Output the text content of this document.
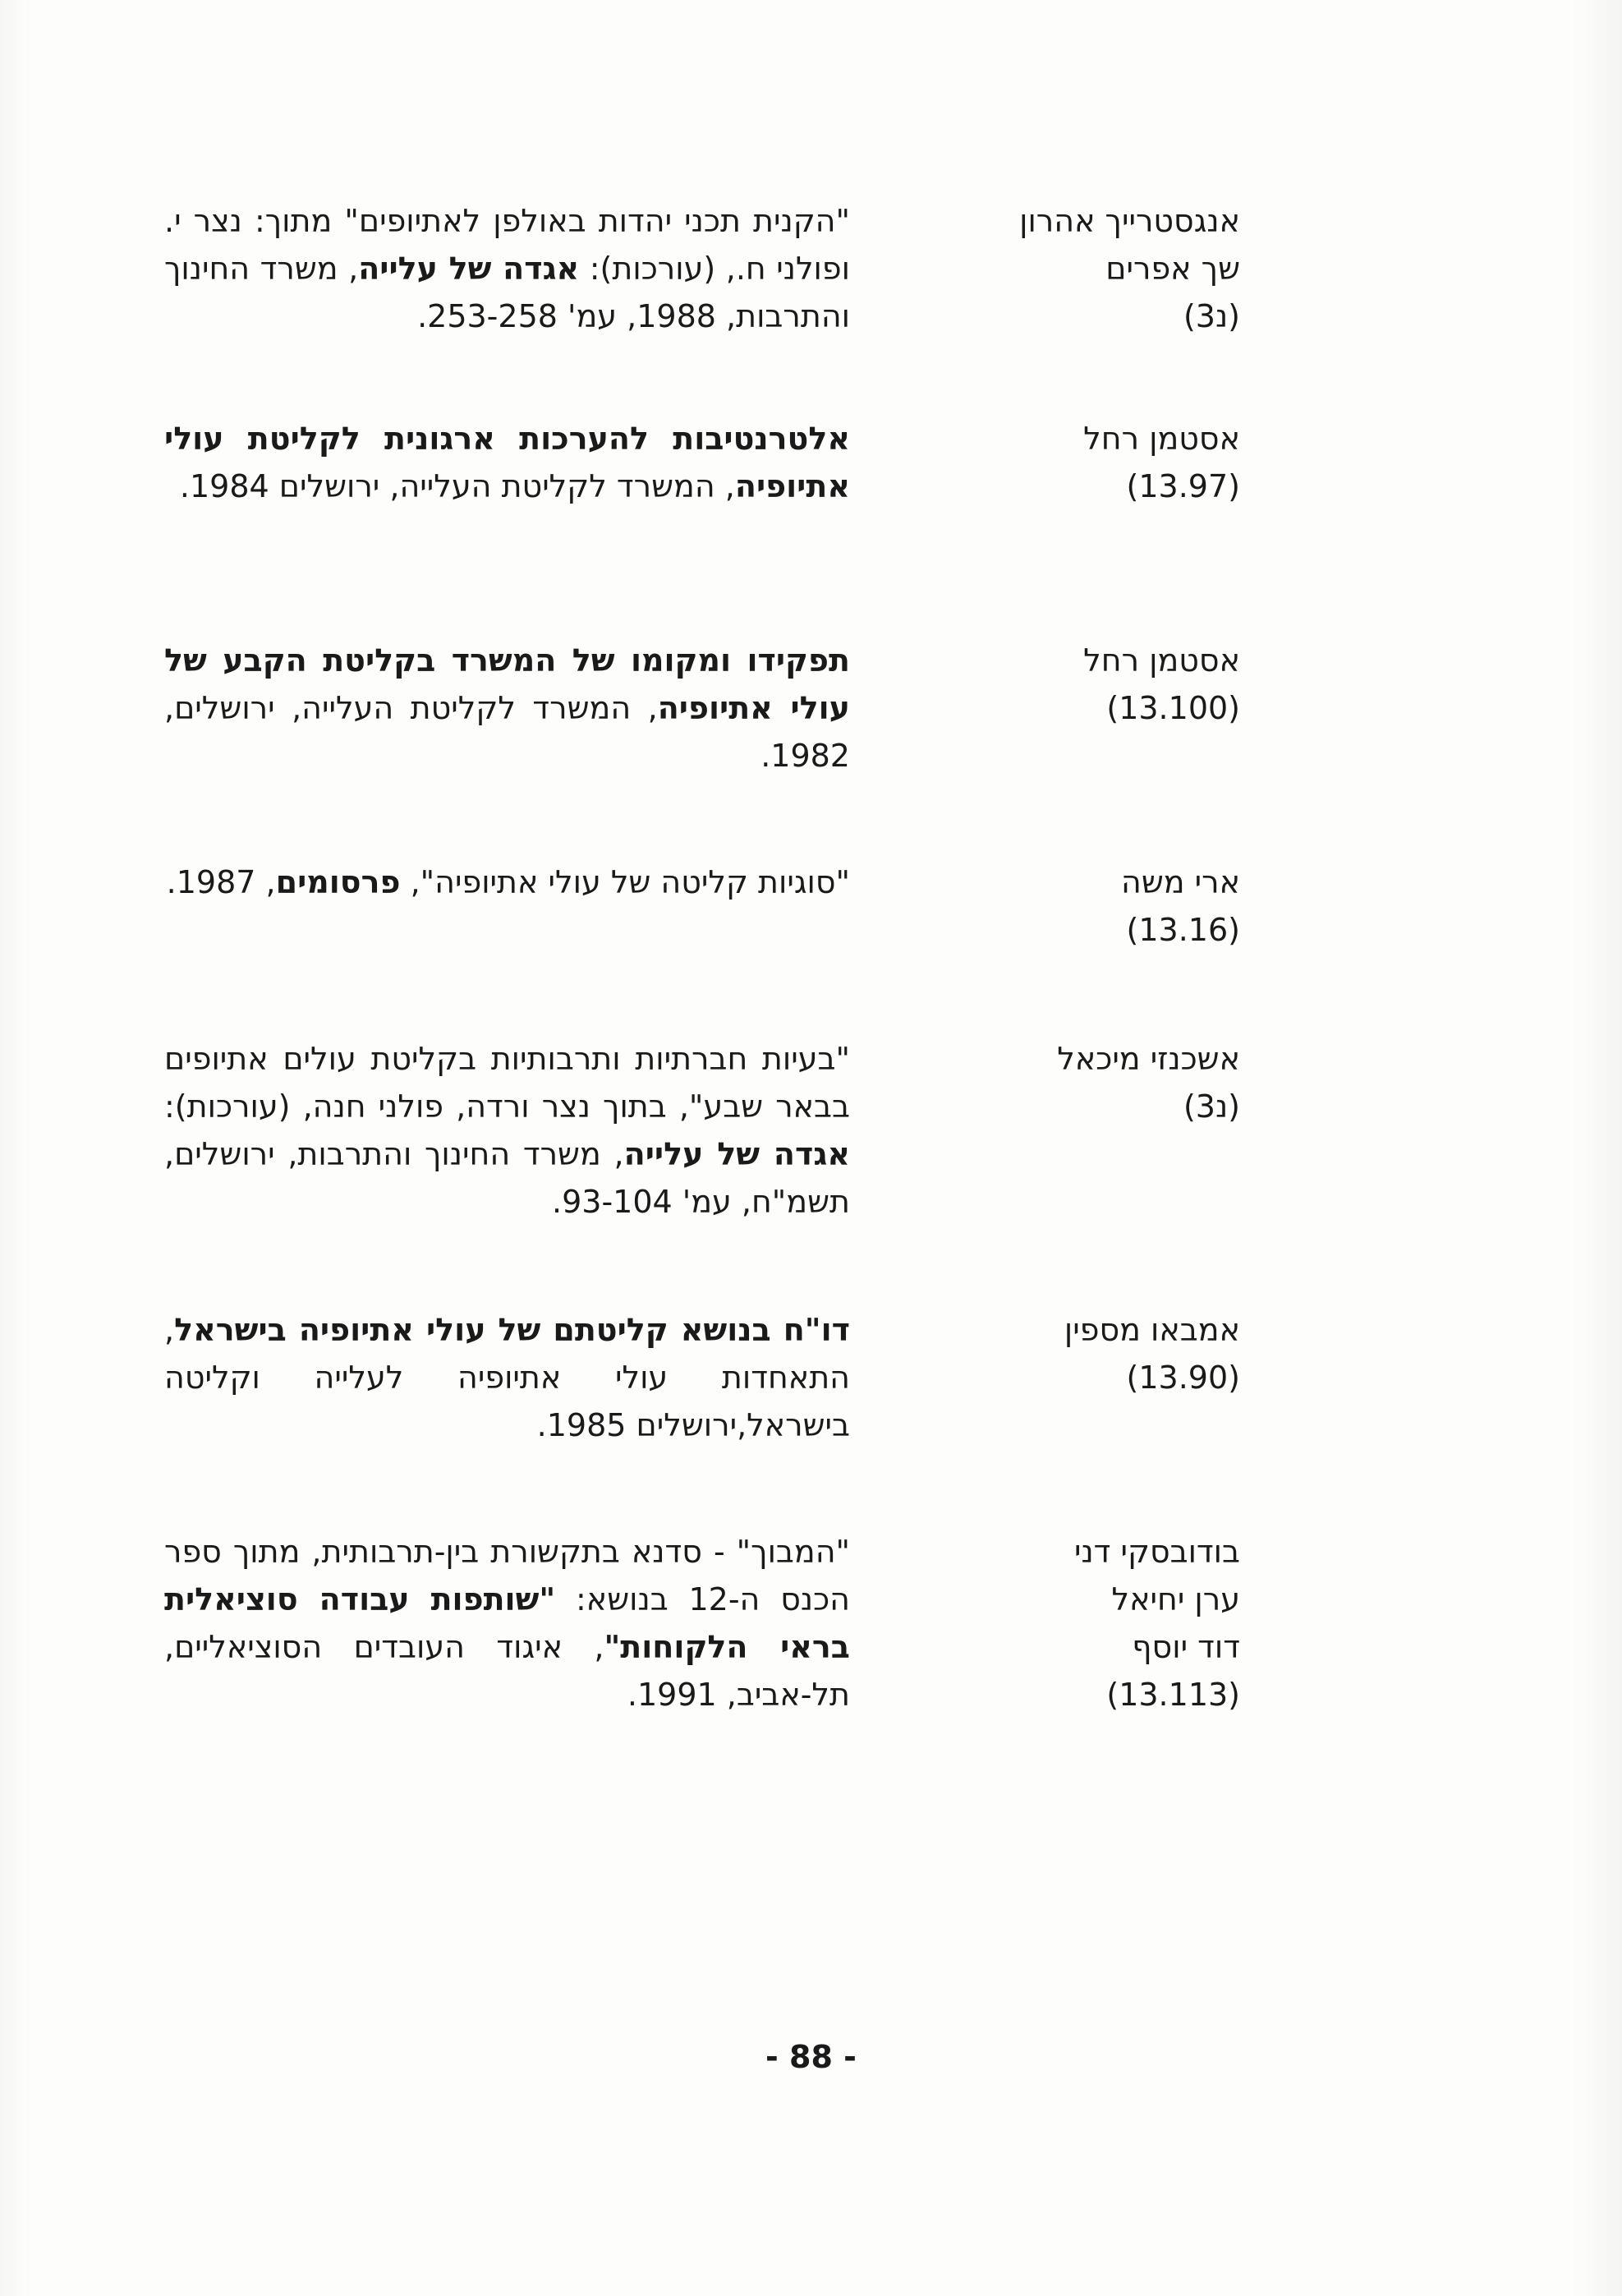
אנגסטרייך אהרון
שך אפרים
(נ3)
"הקנית תכני יהדות באולפן לאתיופים" מתוך: נצר י. ופולני ח., (עורכות): אגדה של עלייה, משרד החינוך והתרבות, 1988, עמ' 253-258.
אסטמן רחל
(13.97)
אלטרנטיבות להערכות ארגונית לקליטת עולי אתיופיה, המשרד לקליטת העלייה, ירושלים 1984.
אסטמן רחל
(13.100)
תפקידו ומקומו של המשרד בקליטת הקבע של עולי אתיופיה, המשרד לקליטת העלייה, ירושלים, 1982.
ארי משה
(13.16)
"סוגיות קליטה של עולי אתיופיה", פרסומים, 1987.
אשכנזי מיכאל
(נ3)
"בעיות חברתיות ותרבותיות בקליטת עולים אתיופים בבאר שבע", בתוך נצר ורדה, פולני חנה, (עורכות): אגדה של עלייה, משרד החינוך והתרבות, ירושלים, תשמ"ח, עמ' 93-104.
אמבאו מספין
(13.90)
דו"ח בנושא קליטתם של עולי אתיופיה בישראל, התאחדות עולי אתיופיה לעלייה וקליטה בישראל,ירושלים 1985.
בודובסקי דני
ערן יחיאל
דוד יוסף
(13.113)
"המבוך" - סדנא בתקשורת בין-תרבותית, מתוך ספר הכנס ה-12 בנושא: "שותפות עבודה סוציאלית בראי הלקוחות", איגוד העובדים הסוציאליים, תל-אביב, 1991.
- 88 -
